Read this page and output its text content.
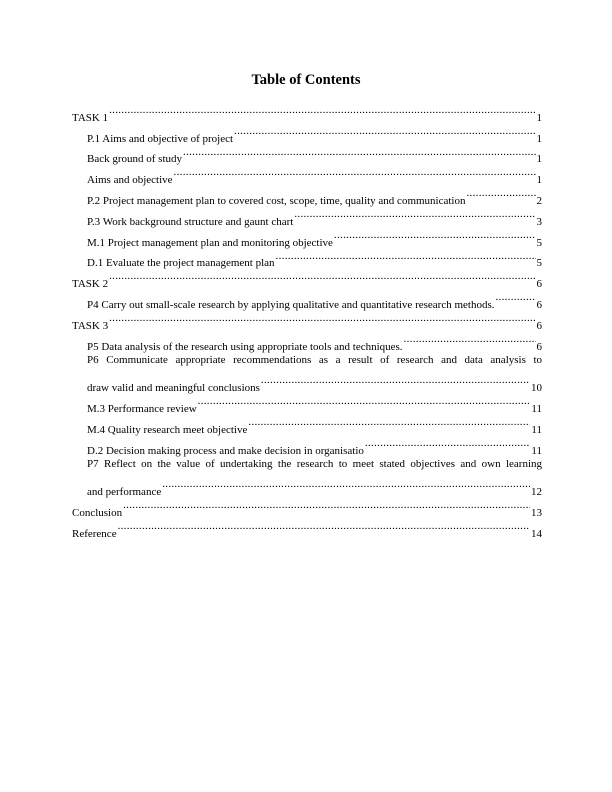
Table of Contents
TASK 1 .....	1
P.1 Aims and objective of project .....	1
Back ground of study .....	1
Aims and objective .....	1
P.2 Project management plan to covered cost, scope, time, quality and communication .....	2
P.3 Work background structure and gaunt chart .....	3
M.1 Project management plan and monitoring objective .....	5
D.1 Evaluate the project management plan .....	5
TASK 2 .....	6
P4 Carry out small-scale research by applying qualitative and quantitative research methods. .....	6
TASK 3 .....	6
P5 Data analysis of the research using appropriate tools and techniques. .....	6
P6 Communicate appropriate recommendations as a result of research and data analysis to
draw valid and meaningful conclusions .....	10
M.3 Performance review .....	11
M.4 Quality research meet objective .....	11
D.2 Decision making process and make decision in organisatio .....	11
P7 Reflect on the value of undertaking the research to meet stated objectives and own learning
and performance .....	12
Conclusion .....	13
Reference .....	14
